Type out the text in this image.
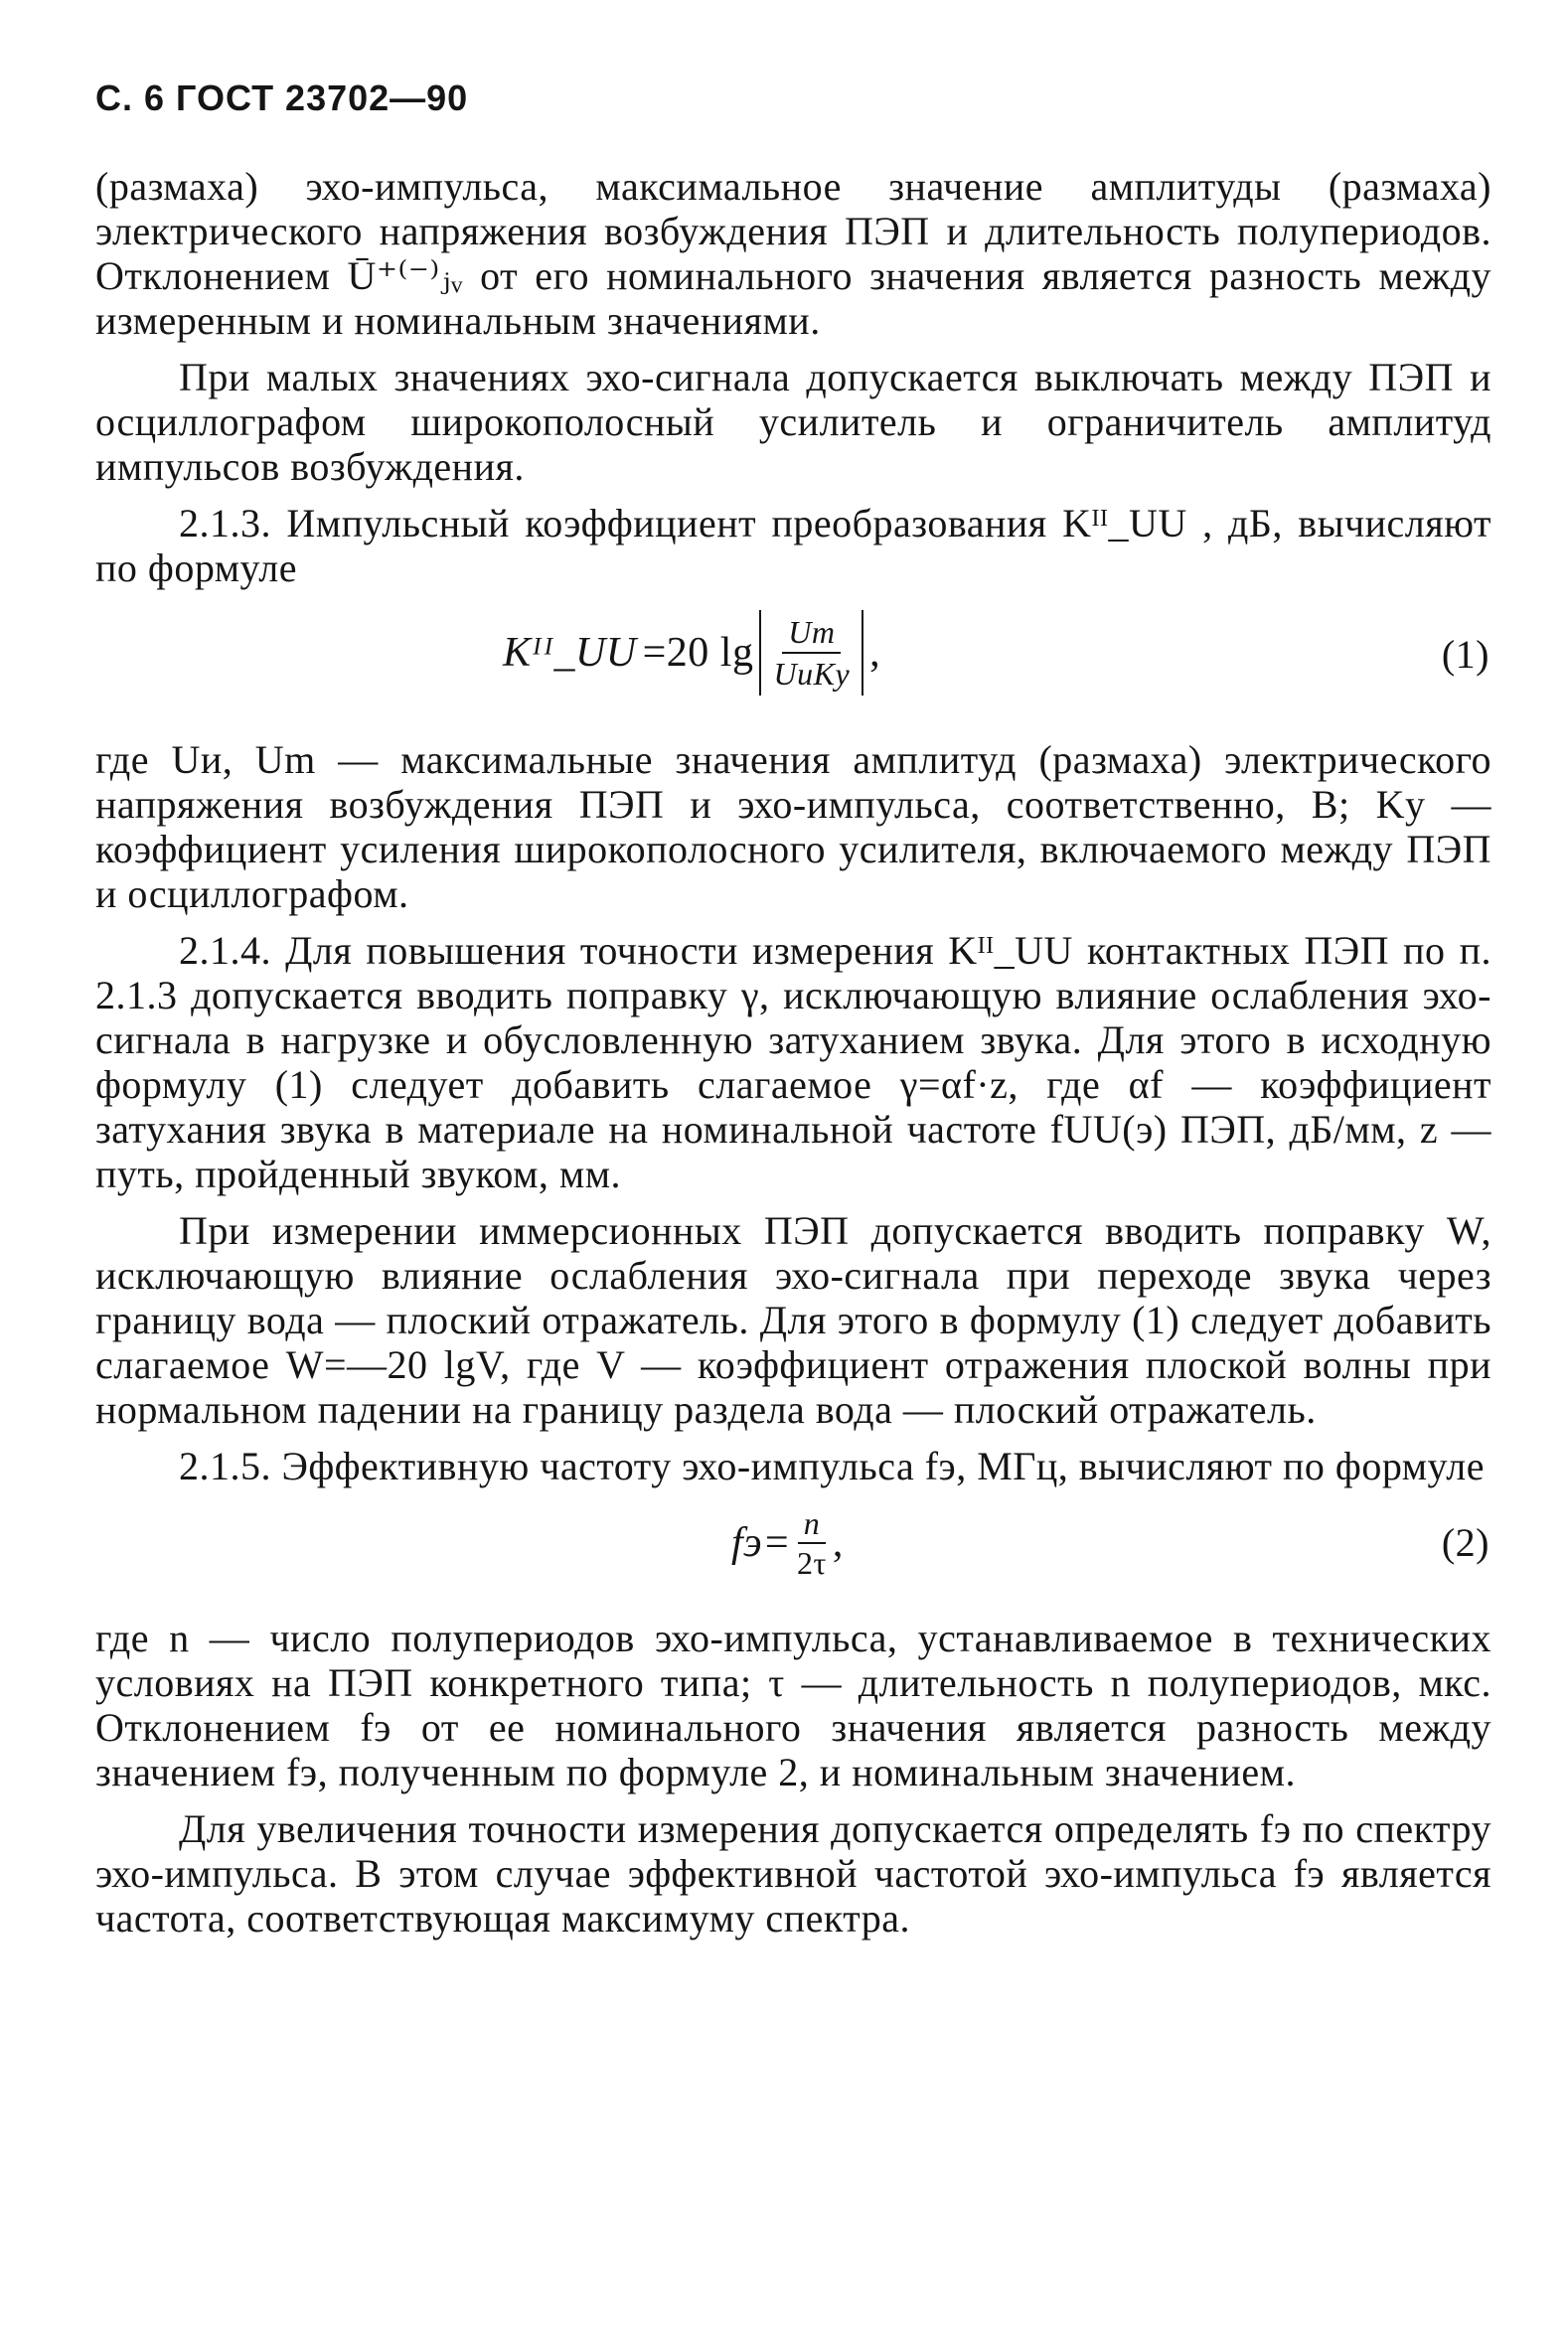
С. 6 ГОСТ 23702—90

(размаха) эхо-импульса, максимальное значение амплитуды (размаха) электрического напряжения возбуждения ПЭП и длительность полупериодов. Отклонением Ū⁺⁽⁻⁾ⱼᵥ от его номинального значения является разность между измеренным и номинальным значениями.

При малых значениях эхо-сигнала допускается выключать между ПЭП и осциллографом широкополосный усилитель и ограничитель амплитуд импульсов возбуждения.

2.1.3. Импульсный коэффициент преобразования Kᴵᴵ_UU , дБ, вычисляют по формуле

Kᴵᴵ_UU =20 $\lg \frac{Um}{\text{UиKу}}$ ,	(1)

где Uи, Um — максимальные значения амплитуд (размаха) электрического напряжения возбуждения ПЭП и эхо-импульса, соответственно, В; Kу — коэффициент усиления широкополосного усилителя, включаемого между ПЭП и осциллографом.

2.1.4. Для повышения точности измерения Kᴵᴵ_UU контактных ПЭП по п. 2.1.3 допускается вводить поправку γ, исключающую влияние ослабления эхо-сигнала в нагрузке и обусловленную затуханием звука. Для этого в исходную формулу (1) следует добавить слагаемое γ=αf·z, где αf — коэффициент затухания звука в материале на номинальной частоте fUU(э) ПЭП, дБ/мм, z — путь, пройденный звуком, мм.

При измерении иммерсионных ПЭП допускается вводить поправку W, исключающую влияние ослабления эхо-сигнала при переходе звука через границу вода — плоский отражатель. Для этого в формулу (1) следует добавить слагаемое W=—20 lgV, где V — коэффициент отражения плоской волны при нормальном падении на границу раздела вода — плоский отражатель.

2.1.5. Эффективную частоту эхо-импульса fэ, МГц, вычисляют по формуле

$fэ= \frac{n}{2\tau}$ ,	(2)

где n — число полупериодов эхо-импульса, устанавливаемое в технических условиях на ПЭП конкретного типа; τ — длительность n полупериодов, мкс. Отклонением fэ от ее номинального значения является разность между значением fэ, полученным по формуле 2, и номинальным значением.

Для увеличения точности измерения допускается определять fэ по спектру эхо-импульса. В этом случае эффективной частотой эхо-импульса fэ является частота, соответствующая максимуму спектра.
